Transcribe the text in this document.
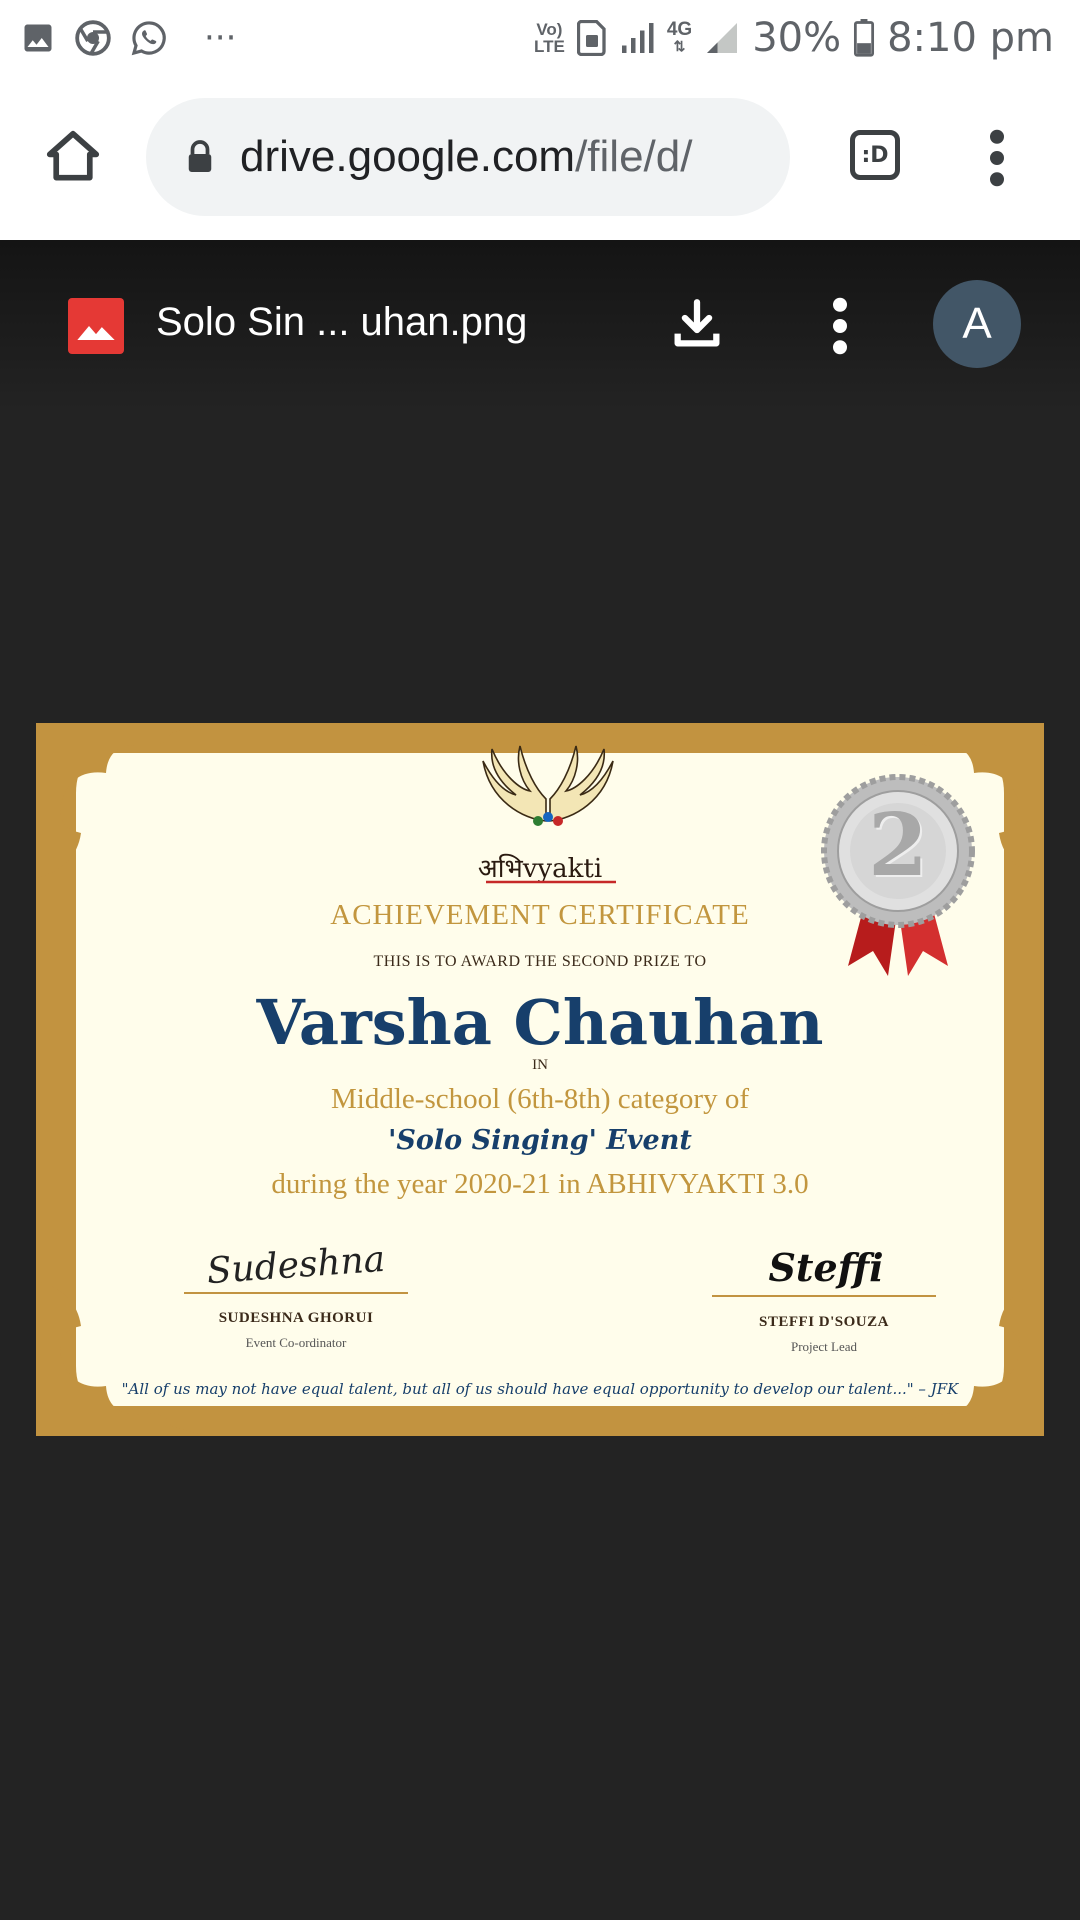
···	Vo)
LTE
4G
⇅ 30% 8:10 pm
drive.google.com/file/d/	:D
Solo Sin ... uhan.png	A
अभिvyakti	2
ACHIEVEMENT CERTIFICATE
THIS IS TO AWARD THE SECOND PRIZE TO
Varsha Chauhan
IN
Middle-school (6th-8th) category of
'Solo Singing' Event
during the year 2020-21 in ABHIVYAKTI 3.0
Sudeshna
SUDESHNA GHORUI
Event Co-ordinator
Steffi
STEFFI D'SOUZA
Project Lead
"All of us may not have equal talent, but all of us should have equal opportunity to develop our talent..." – JFK
